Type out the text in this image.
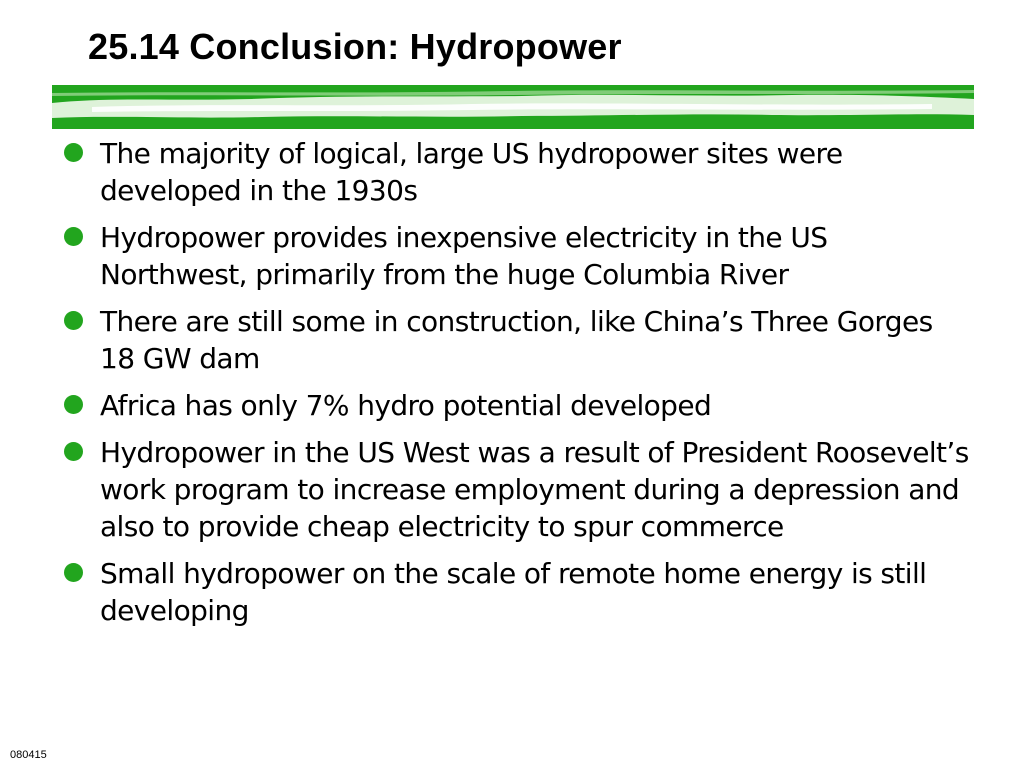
25.14 Conclusion: Hydropower
The majority of logical, large US hydropower sites were developed in the 1930s
Hydropower provides inexpensive electricity in the US Northwest, primarily from the huge Columbia River
There are still some in construction, like China’s Three Gorges 18 GW dam
Africa has only 7% hydro potential developed
Hydropower in the US West was a result of President Roosevelt’s work program to increase employment during a depression and also to provide cheap electricity to spur commerce
Small hydropower on the scale of remote home energy is still developing
080415
